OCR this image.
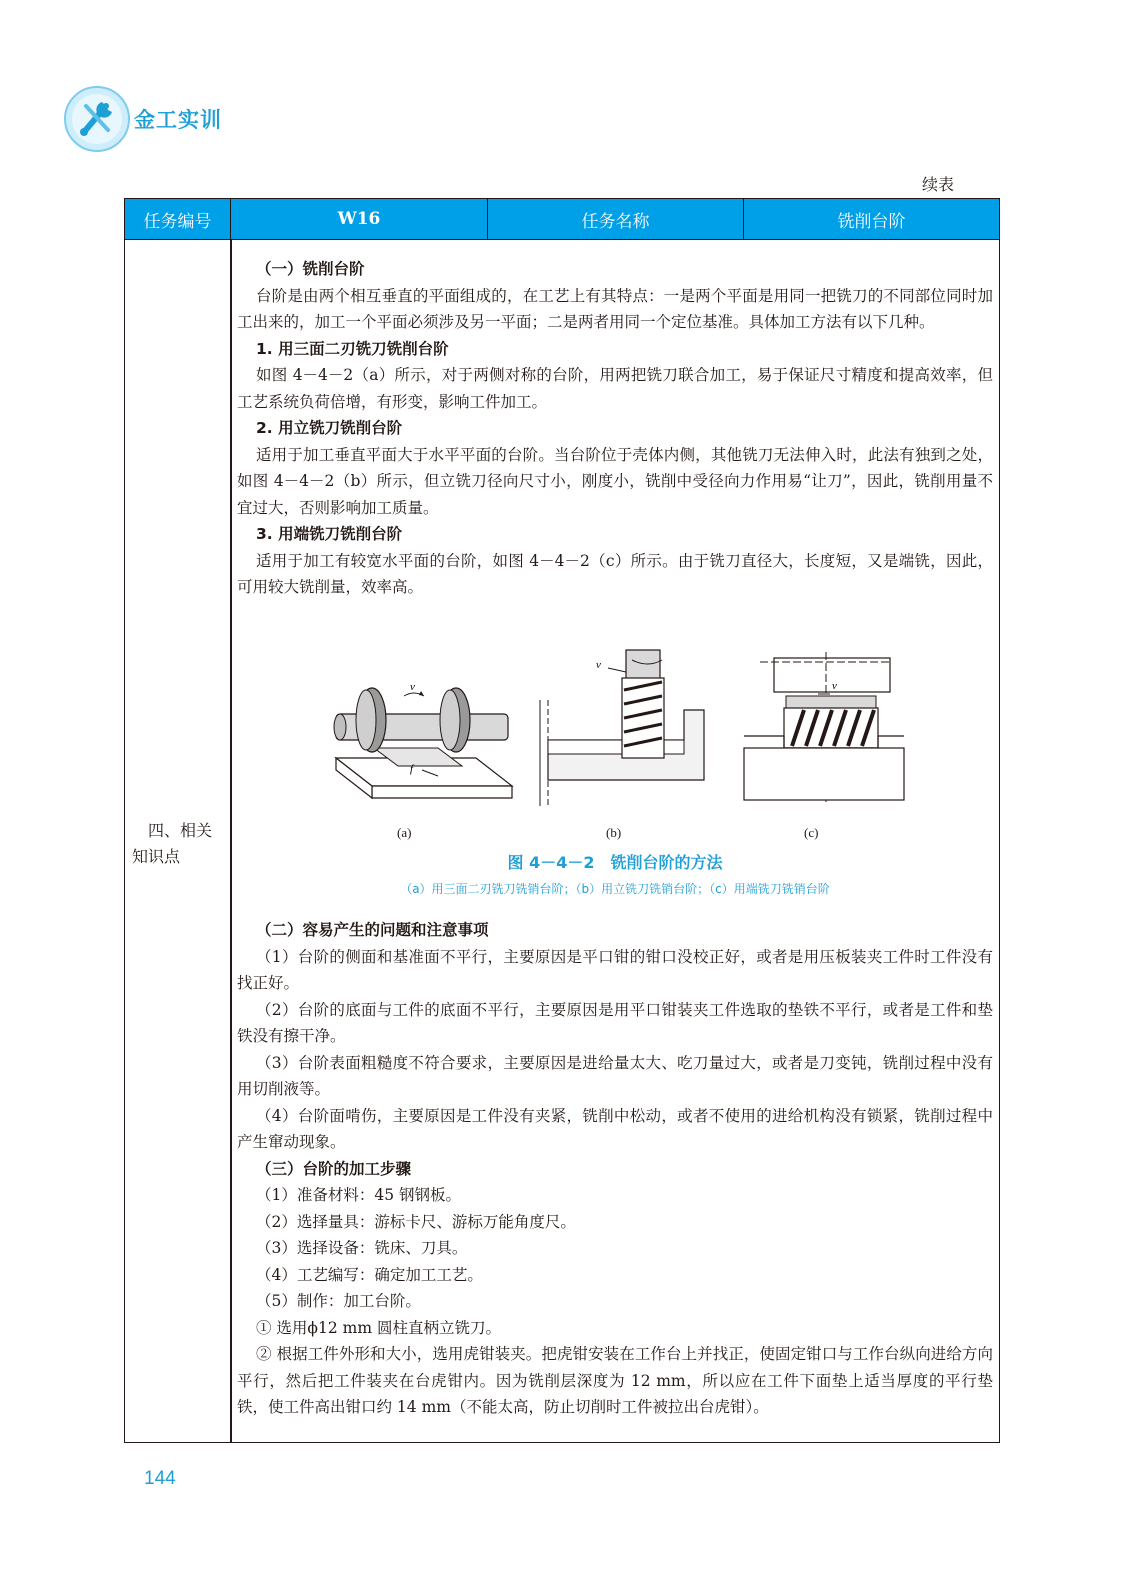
金工实训
续表
任务编号	W16	任务名称	铣削台阶
四、相关
知识点

（一）铣削台阶

台阶是由两个相互垂直的平面组成的，在工艺上有其特点：一是两个平面是用同一把铣刀的不同部位同时加工出来的，加工一个平面必须涉及另一平面；二是两者用同一个定位基准。具体加工方法有以下几种。

1. 用三面二刃铣刀铣削台阶

如图 4－4－2（a）所示，对于两侧对称的台阶，用两把铣刀联合加工，易于保证尺寸精度和提高效率，但工艺系统负荷倍增，有形变，影响工件加工。

2. 用立铣刀铣削台阶

适用于加工垂直平面大于水平平面的台阶。当台阶位于壳体内侧，其他铣刀无法伸入时，此法有独到之处，如图 4－4－2（b）所示，但立铣刀径向尺寸小，刚度小，铣削中受径向力作用易“让刀”，因此，铣削用量不宜过大，否则影响加工质量。

3. 用端铣刀铣削台阶

适用于加工有较宽水平面的台阶，如图 4－4－2（c）所示。由于铣刀直径大，长度短，又是端铣，因此，可用较大铣削量，效率高。

v
f
v
v
(a)	(b)	(c)
图 4－4－2　铣削台阶的方法
（a）用三面二刃铣刀铣销台阶；（b）用立铣刀铣销台阶；（c）用端铣刀铣销台阶

（二）容易产生的问题和注意事项

（1）台阶的侧面和基准面不平行，主要原因是平口钳的钳口没校正好，或者是用压板装夹工件时工件没有找正好。

（2）台阶的底面与工件的底面不平行，主要原因是用平口钳装夹工件选取的垫铁不平行，或者是工件和垫铁没有擦干净。

（3）台阶表面粗糙度不符合要求，主要原因是进给量太大、吃刀量过大，或者是刀变钝，铣削过程中没有用切削液等。

（4）台阶面啃伤，主要原因是工件没有夹紧，铣削中松动，或者不使用的进给机构没有锁紧，铣削过程中产生窜动现象。

（三）台阶的加工步骤

（1）准备材料：45 钢钢板。

（2）选择量具：游标卡尺、游标万能角度尺。

（3）选择设备：铣床、刀具。

（4）工艺编写：确定加工工艺。

（5）制作：加工台阶。

① 选用ϕ12 mm 圆柱直柄立铣刀。

② 根据工件外形和大小，选用虎钳装夹。把虎钳安装在工作台上并找正，使固定钳口与工作台纵向进给方向平行，然后把工件装夹在台虎钳内。因为铣削层深度为 12 mm，所以应在工件下面垫上适当厚度的平行垫铁，使工件高出钳口约 14 mm（不能太高，防止切削时工件被拉出台虎钳）。

144
